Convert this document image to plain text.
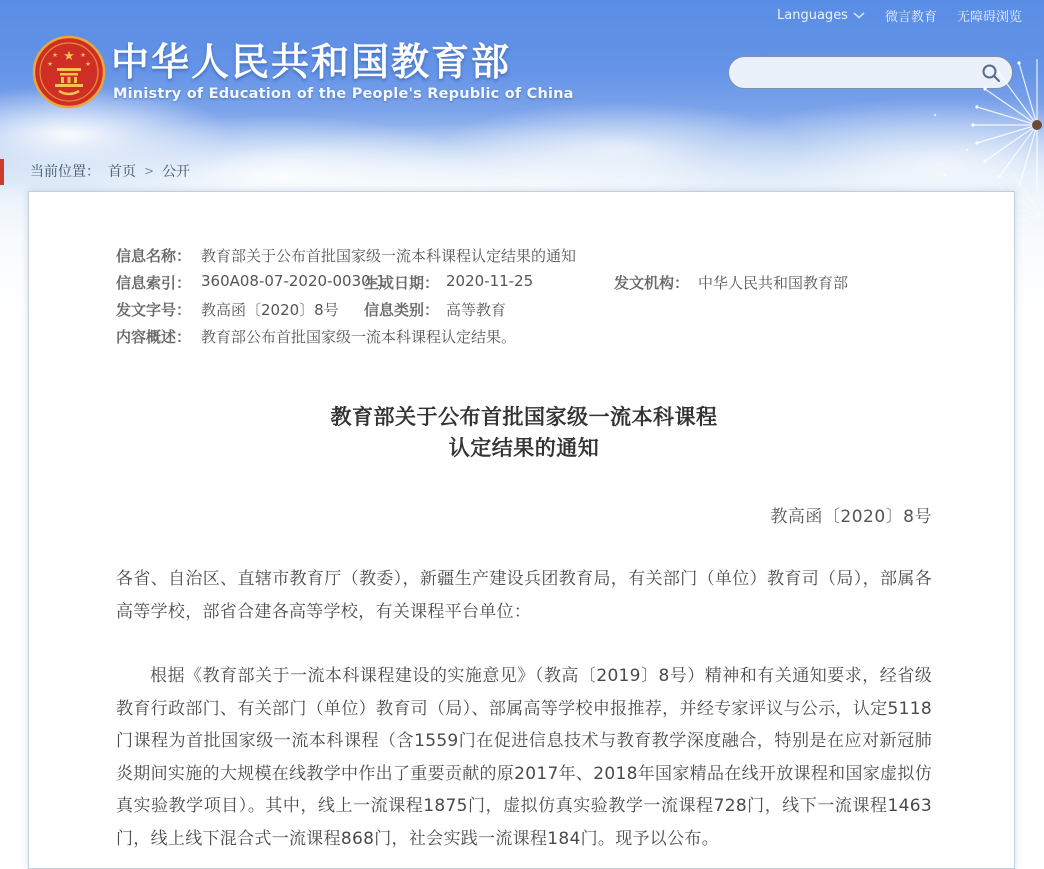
Languages	微言教育 无障碍浏览
★
★	★
★	★ 中华人民共和国教育部
Ministry of Education of the People's Republic of China
当前位置： 首页 > 公开
信息名称： 教育部关于公布首批国家级一流本科课程认定结果的通知
信息索引： 360A08-07-2020-0030-1
生成日期： 2020-11-25	发文机构： 中华人民共和国教育部
发文字号： 教高函〔2020〕8号 信息类别： 高等教育
内容概述： 教育部公布首批国家级一流本科课程认定结果。
教育部关于公布首批国家级一流本科课程
认定结果的通知
教高函〔2020〕8号
各省、自治区、直辖市教育厅（教委），新疆生产建设兵团教育局，有关部门（单位）教育司（局），部属各高等学校，部省合建各高等学校，有关课程平台单位：
根据《教育部关于一流本科课程建设的实施意见》（教高〔2019〕8号）精神和有关通知要求，经省级教育行政部门、有关部门（单位）教育司（局）、部属高等学校申报推荐，并经专家评议与公示，认定5118门课程为首批国家级一流本科课程（含1559门在促进信息技术与教育教学深度融合，特别是在应对新冠肺炎期间实施的大规模在线教学中作出了重要贡献的原2017年、2018年国家精品在线开放课程和国家虚拟仿真实验教学项目）。其中，线上一流课程1875门，虚拟仿真实验教学一流课程728门，线下一流课程1463门，线上线下混合式一流课程868门，社会实践一流课程184门。现予以公布。
